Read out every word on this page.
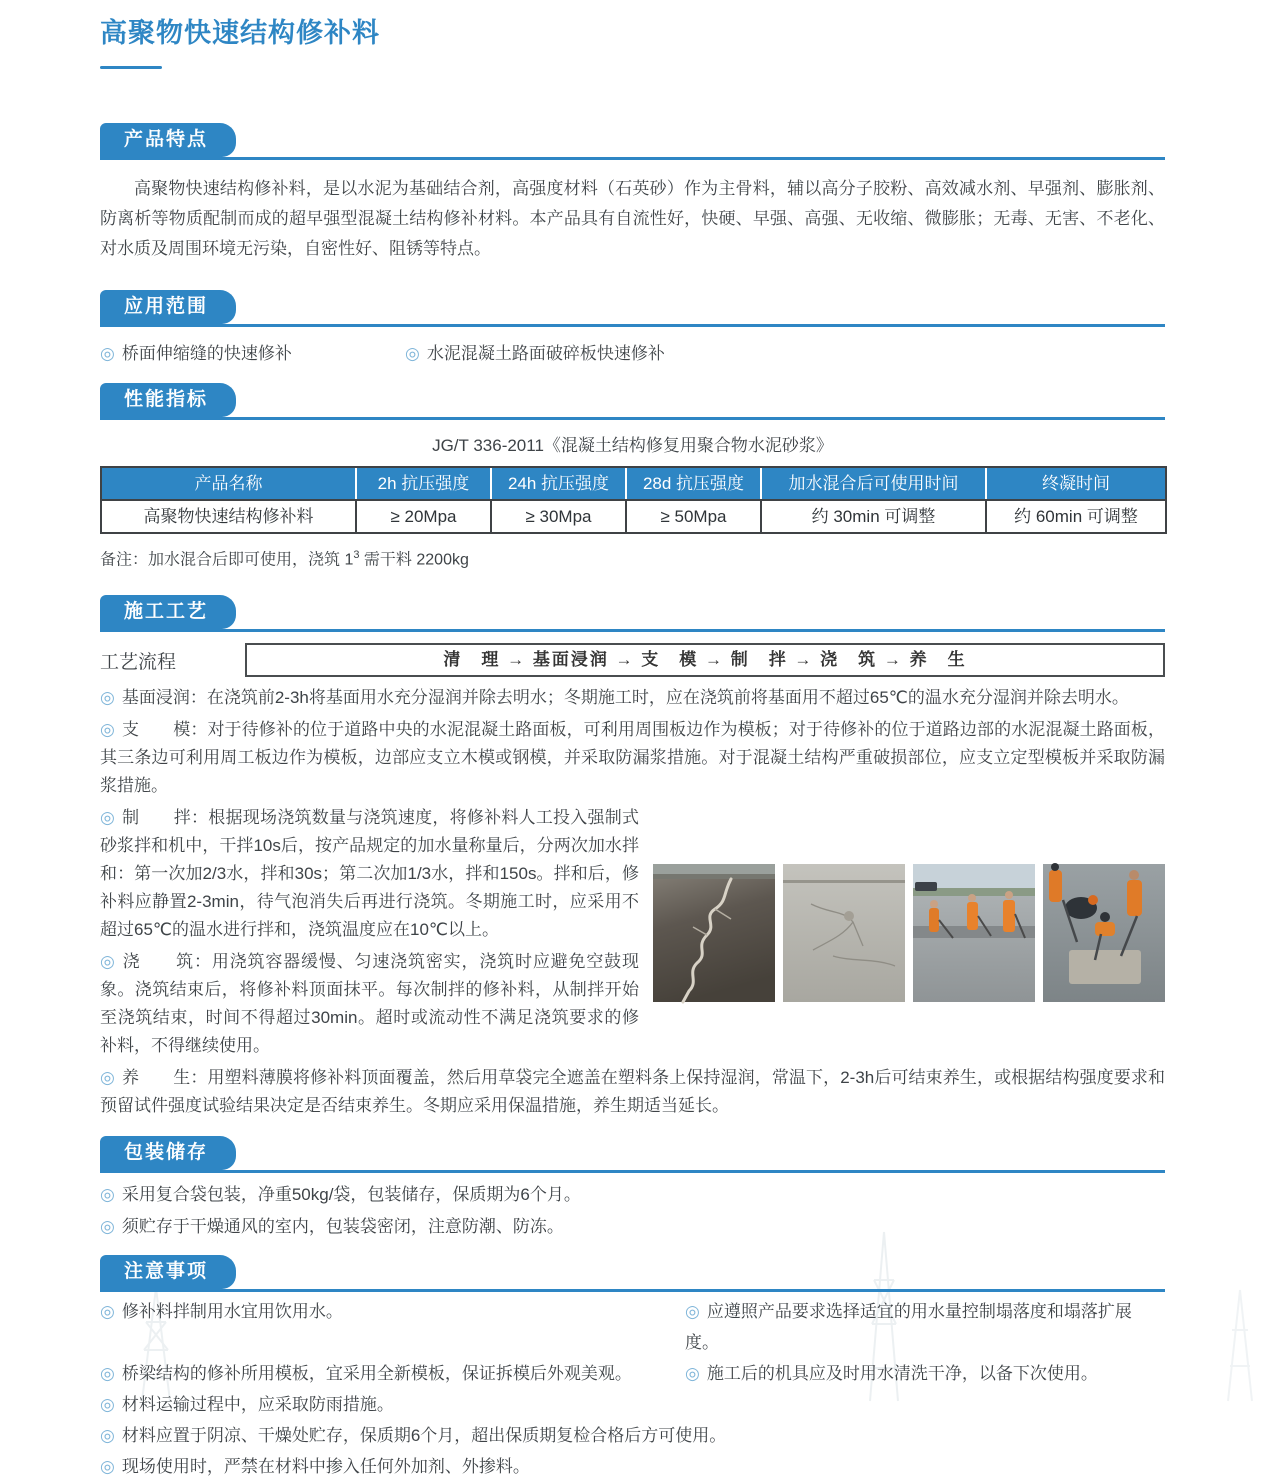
高聚物快速结构修补料
产品特点

高聚物快速结构修补料，是以水泥为基础结合剂，高强度材料（石英砂）作为主骨料，辅以高分子胶粉、高效减水剂、早强剂、膨胀剂、防离析等物质配制而成的超早强型混凝土结构修补材料。本产品具有自流性好，快硬、早强、高强、无收缩、微膨胀；无毒、无害、不老化、对水质及周围环境无污染，自密性好、阻锈等特点。

应用范围
◎ 桥面伸缩缝的快速修补	◎ 水泥混凝土路面破碎板快速修补
性能指标
JG/T 336-2011《混凝土结构修复用聚合物水泥砂浆》
产品名称	2h 抗压强度	24h 抗压强度	28d 抗压强度	加水混合后可使用时间	终凝时间
高聚物快速结构修补料	≥ 20Mpa	≥ 30Mpa	≥ 50Mpa	约 30min 可调整	约 60min 可调整
备注：加水混合后即可使用，浇筑 $1^3$ 需干料 2200kg
施工工艺
工艺流程	清　理 → 基面浸润 → 支　模 → 制　拌 → 浇　筑 → 养　生
◎ 基面浸润：在浇筑前2-3h将基面用水充分湿润并除去明水；冬期施工时，应在浇筑前将基面用不超过65℃的温水充分湿润并除去明水。
◎ 支　　模：对于待修补的位于道路中央的水泥混凝土路面板，可利用周围板边作为模板；对于待修补的位于道路边部的水泥混凝土路面板，其三条边可利用周工板边作为模板，边部应支立木模或钢模，并采取防漏浆措施。对于混凝土结构严重破损部位，应支立定型模板并采取防漏浆措施。
◎ 制　　拌：根据现场浇筑数量与浇筑速度，将修补料人工投入强制式砂浆拌和机中，干拌10s后，按产品规定的加水量称量后，分两次加水拌和：第一次加2/3水，拌和30s；第二次加1/3水，拌和150s。拌和后，修补料应静置2-3min，待气泡消失后再进行浇筑。冬期施工时，应采用不超过65℃的温水进行拌和，浇筑温度应在10℃以上。
◎ 浇　　筑：用浇筑容器缓慢、匀速浇筑密实，浇筑时应避免空鼓现象。浇筑结束后，将修补料顶面抹平。每次制拌的修补料，从制拌开始至浇筑结束，时间不得超过30min。超时或流动性不满足浇筑要求的修补料，不得继续使用。
◎ 养　　生：用塑料薄膜将修补料顶面覆盖，然后用草袋完全遮盖在塑料条上保持湿润，常温下，2-3h后可结束养生，或根据结构强度要求和预留试件强度试验结果决定是否结束养生。冬期应采用保温措施，养生期适当延长。
包装储存
◎ 采用复合袋包装，净重50kg/袋，包装储存，保质期为6个月。
◎ 须贮存于干燥通风的室内，包装袋密闭，注意防潮、防冻。
注意事项
◎ 修补料拌制用水宜用饮用水。	◎ 应遵照产品要求选择适宜的用水量控制塌落度和塌落扩展度。
◎ 桥梁结构的修补所用模板，宜采用全新模板，保证拆模后外观美观。	◎ 施工后的机具应及时用水清洗干净，以备下次使用。
◎ 材料运输过程中，应采取防雨措施。
◎ 材料应置于阴凉、干燥处贮存，保质期6个月，超出保质期复检合格后方可使用。
◎ 现场使用时，严禁在材料中掺入任何外加剂、外掺料。
